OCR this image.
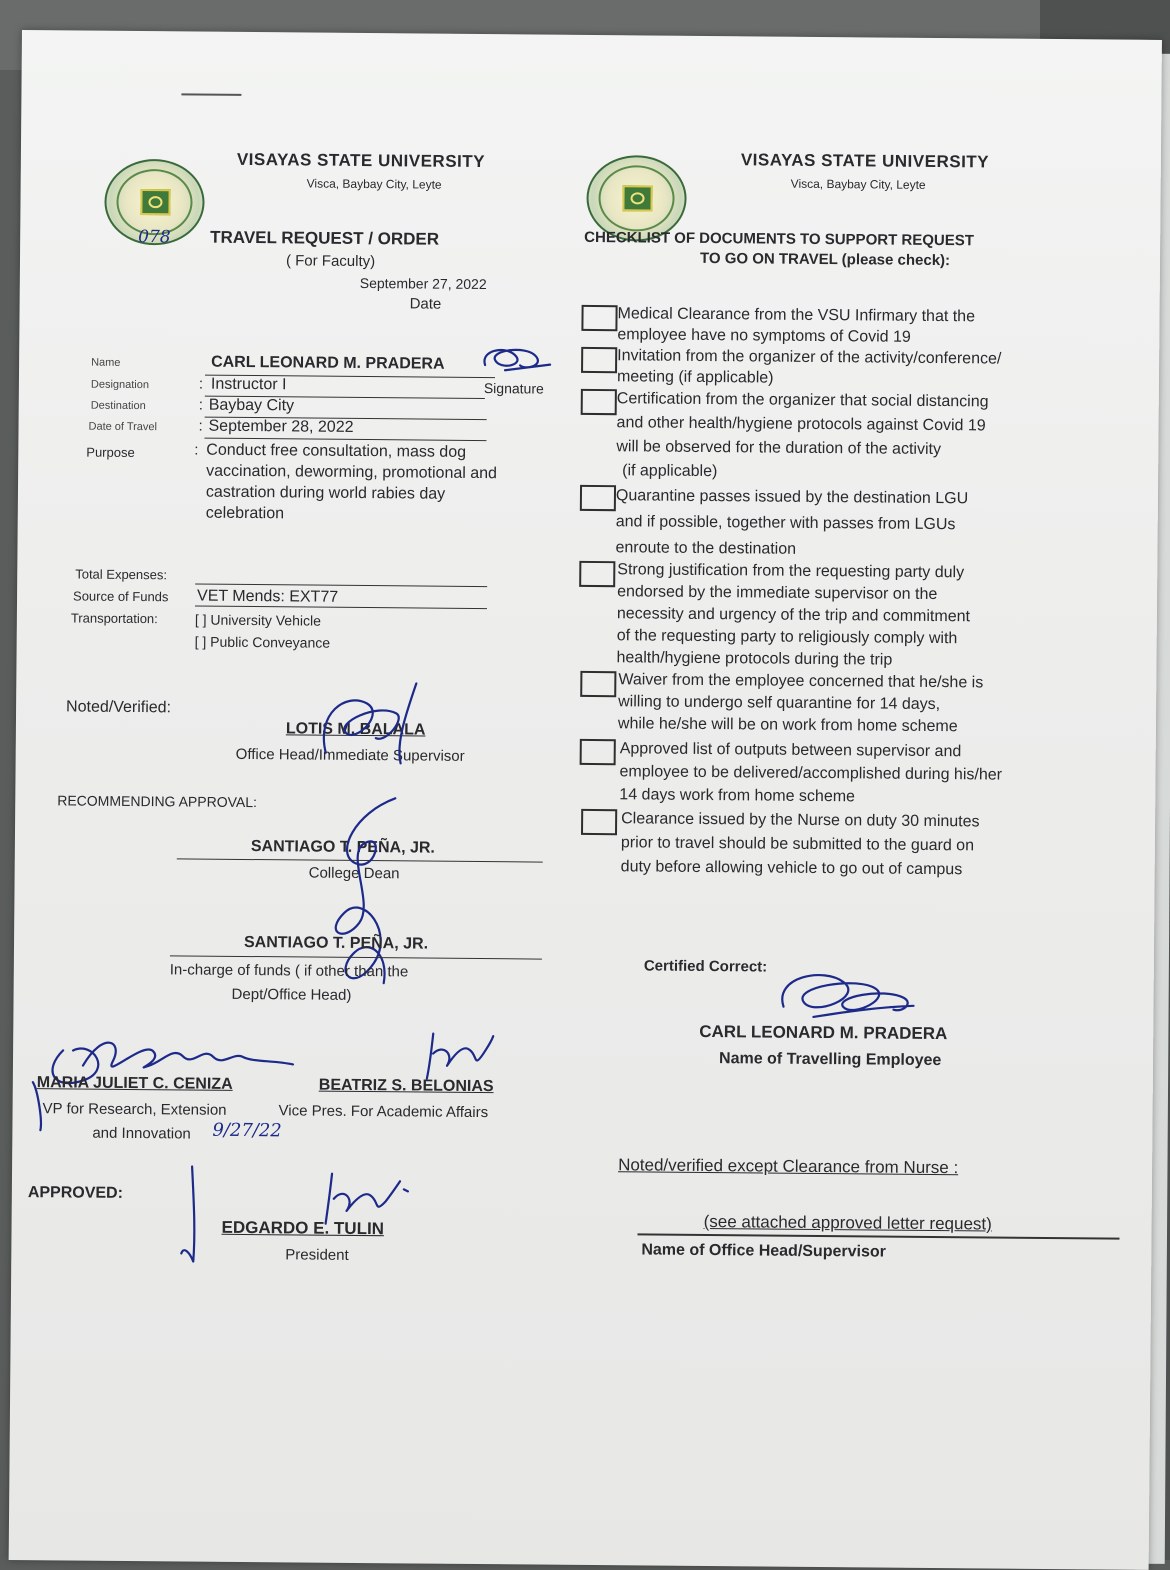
VISAYAS STATE UNIVERSITY
Visca, Baybay City, Leyte
078 TRAVEL REQUEST / ORDER
( For Faculty)
September 27, 2022
Date
Name	CARL LEONARD M. PRADERA
Signature
Designation	: Instructor I
Destination	: Baybay City
Date of Travel	: September 28, 2022
Purpose	: Conduct free consultation, mass dog
vaccination, deworming, promotional and
castration during world rabies day
celebration
Total Expenses:
Source of Funds VET Mends: EXT77
Transportation:	[ ] University Vehicle
[ ] Public Conveyance
Noted/Verified:
LOTIS M. BALALA
Office Head/Immediate Supervisor
RECOMMENDING APPROVAL:
SANTIAGO T. PEÑA, JR.
College Dean
SANTIAGO T. PEÑA, JR.
In-charge of funds ( if other than the
Dept/Office Head)
MARIA JULIET C. CENIZA
VP for Research, Extension
and Innovation 9/27/22
BEATRIZ S. BELONIAS
Vice Pres. For Academic Affairs
APPROVED:
EDGARDO E. TULIN
President
VISAYAS STATE UNIVERSITY
Visca, Baybay City, Leyte
CHECKLIST OF DOCUMENTS TO SUPPORT REQUEST
TO GO ON TRAVEL (please check):
Medical Clearance from the VSU Infirmary that the
employee have no symptoms of Covid 19
Invitation from the organizer of the activity/conference/
meeting (if applicable)
Certification from the organizer that social distancing
and other health/hygiene protocols against Covid 19
will be observed for the duration of the activity
(if applicable)
Quarantine passes issued by the destination LGU
and if possible, together with passes from LGUs
enroute to the destination
Strong justification from the requesting party duly
endorsed by the immediate supervisor on the
necessity and urgency of the trip and commitment
of the requesting party to religiously comply with
health/hygiene protocols during the trip
Waiver from the employee concerned that he/she is
willing to undergo self quarantine for 14 days,
while he/she will be on work from home scheme
Approved list of outputs between supervisor and
employee to be delivered/accomplished during his/her
14 days work from home scheme
Clearance issued by the Nurse on duty 30 minutes
prior to travel should be submitted to the guard on
duty before allowing vehicle to go out of campus
Certified Correct:
CARL LEONARD M. PRADERA
Name of Travelling Employee
Noted/verified except Clearance from Nurse :
(see attached approved letter request)
Name of Office Head/Supervisor
